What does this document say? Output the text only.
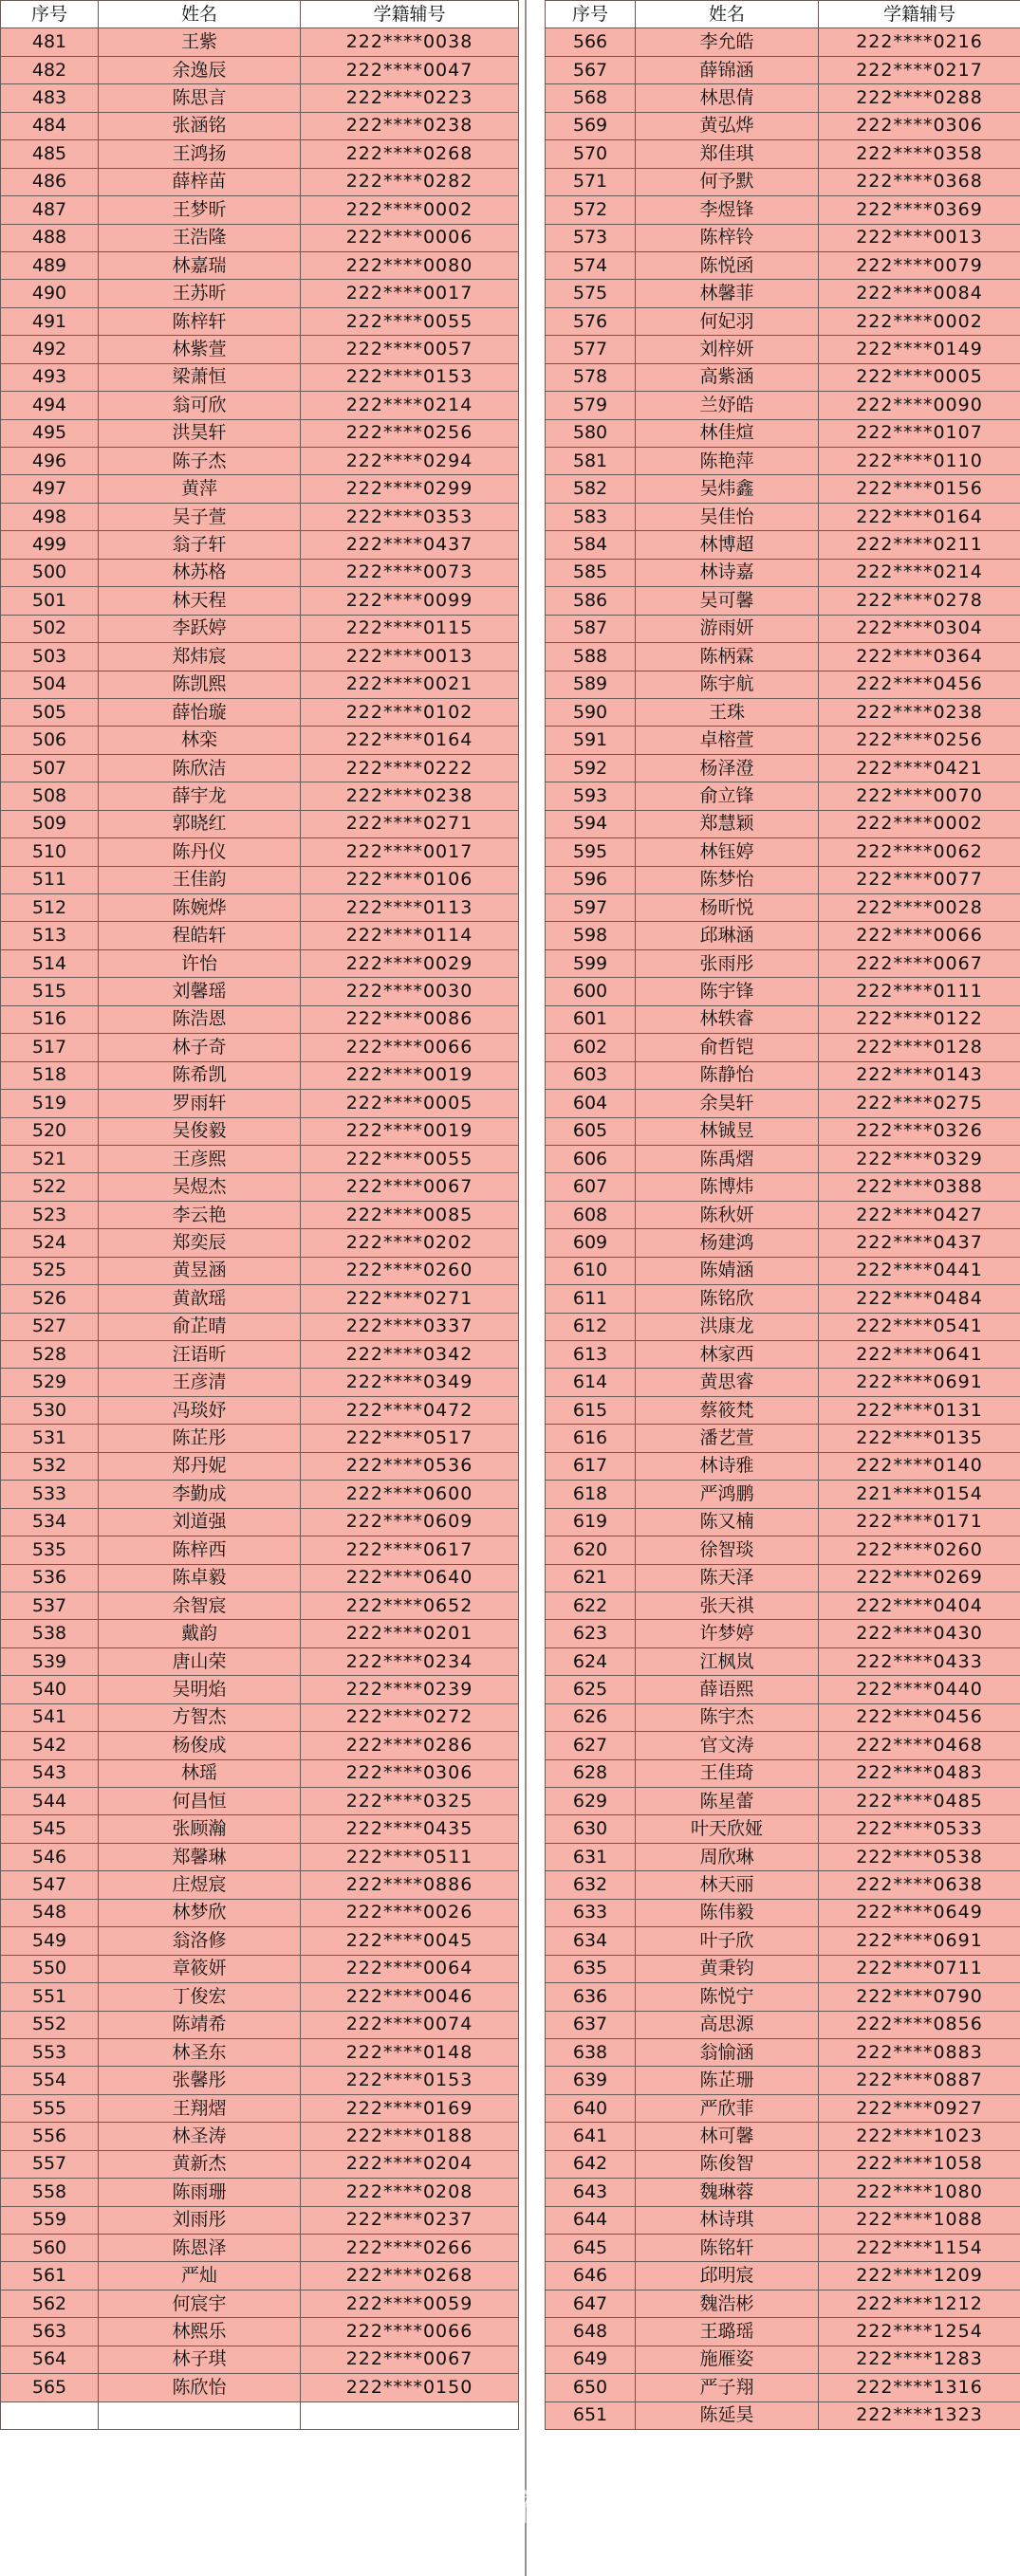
序号	姓名	学籍辅号
481	王紫	222****0038
482	余逸辰	222****0047
483	陈思言	222****0223
484	张涵铭	222****0238
485	王鸿扬	222****0268
486	薛梓苗	222****0282
487	王梦昕	222****0002
488	王浩隆	222****0006
489	林嘉瑞	222****0080
490	王苏昕	222****0017
491	陈梓轩	222****0055
492	林紫萱	222****0057
493	梁萧恒	222****0153
494	翁可欣	222****0214
495	洪昊轩	222****0256
496	陈子杰	222****0294
497	黄萍	222****0299
498	吴子萱	222****0353
499	翁子轩	222****0437
500	林苏格	222****0073
501	林天程	222****0099
502	李跃婷	222****0115
503	郑炜宸	222****0013
504	陈凯熙	222****0021
505	薛怡璇	222****0102
506	林栾	222****0164
507	陈欣洁	222****0222
508	薛宇龙	222****0238
509	郭晓红	222****0271
510	陈丹仪	222****0017
511	王佳韵	222****0106
512	陈婉烨	222****0113
513	程皓轩	222****0114
514	许怡	222****0029
515	刘馨瑶	222****0030
516	陈浩恩	222****0086
517	林子奇	222****0066
518	陈希凯	222****0019
519	罗雨轩	222****0005
520	吴俊毅	222****0019
521	王彦熙	222****0055
522	吴煜杰	222****0067
523	李云艳	222****0085
524	郑奕辰	222****0202
525	黄昱涵	222****0260
526	黄歆瑶	222****0271
527	俞芷晴	222****0337
528	汪语昕	222****0342
529	王彦清	222****0349
530	冯琰妤	222****0472
531	陈芷彤	222****0517
532	郑丹妮	222****0536
533	李勤成	222****0600
534	刘道强	222****0609
535	陈梓西	222****0617
536	陈卓毅	222****0640
537	余智宸	222****0652
538	戴韵	222****0201
539	唐山荣	222****0234
540	吴明焰	222****0239
541	方智杰	222****0272
542	杨俊成	222****0286
543	林瑶	222****0306
544	何昌恒	222****0325
545	张顾瀚	222****0435
546	郑馨琳	222****0511
547	庄煜宸	222****0886
548	林梦欣	222****0026
549	翁洛修	222****0045
550	章筱妍	222****0064
551	丁俊宏	222****0046
552	陈靖希	222****0074
553	林圣东	222****0148
554	张馨彤	222****0153
555	王翔熠	222****0169
556	林圣涛	222****0188
557	黄新杰	222****0204
558	陈雨珊	222****0208
559	刘雨彤	222****0237
560	陈恩泽	222****0266
561	严灿	222****0268
562	何宸宇	222****0059
563	林熙乐	222****0066
564	林子琪	222****0067
565	陈欣怡	222****0150

序号	姓名	学籍辅号
566	李允皓	222****0216
567	薛锦涵	222****0217
568	林思倩	222****0288
569	黄弘烨	222****0306
570	郑佳琪	222****0358
571	何予默	222****0368
572	李煜锋	222****0369
573	陈梓铃	222****0013
574	陈悦函	222****0079
575	林馨菲	222****0084
576	何妃羽	222****0002
577	刘梓妍	222****0149
578	高紫涵	222****0005
579	兰妤皓	222****0090
580	林佳煊	222****0107
581	陈艳萍	222****0110
582	吴炜鑫	222****0156
583	吴佳怡	222****0164
584	林博超	222****0211
585	林诗嘉	222****0214
586	吴可馨	222****0278
587	游雨妍	222****0304
588	陈柄霖	222****0364
589	陈宇航	222****0456
590	王珠	222****0238
591	卓榕萱	222****0256
592	杨泽澄	222****0421
593	俞立锋	222****0070
594	郑慧颖	222****0002
595	林钰婷	222****0062
596	陈梦怡	222****0077
597	杨昕悦	222****0028
598	邱琳涵	222****0066
599	张雨彤	222****0067
600	陈宇锋	222****0111
601	林轶睿	222****0122
602	俞哲铠	222****0128
603	陈静怡	222****0143
604	余昊轩	222****0275
605	林铖昱	222****0326
606	陈禹熠	222****0329
607	陈博炜	222****0388
608	陈秋妍	222****0427
609	杨建鸿	222****0437
610	陈婧涵	222****0441
611	陈铭欣	222****0484
612	洪康龙	222****0541
613	林家西	222****0641
614	黄思睿	222****0691
615	蔡筱梵	222****0131
616	潘艺萱	222****0135
617	林诗雅	222****0140
618	严鸿鹏	221****0154
619	陈又楠	222****0171
620	徐智琰	222****0260
621	陈天泽	222****0269
622	张天祺	222****0404
623	许梦婷	222****0430
624	江枫岚	222****0433
625	薛语熙	222****0440
626	陈宇杰	222****0456
627	官文涛	222****0468
628	王佳琦	222****0483
629	陈星蕾	222****0485
630	叶天欣娅	222****0533
631	周欣琳	222****0538
632	林天丽	222****0638
633	陈伟毅	222****0649
634	叶子欣	222****0691
635	黄秉钧	222****0711
636	陈悦宁	222****0790
637	高思源	222****0856
638	翁愉涵	222****0883
639	陈芷珊	222****0887
640	严欣菲	222****0927
641	林可馨	222****1023
642	陈俊智	222****1058
643	魏琳蓉	222****1080
644	林诗琪	222****1088
645	陈铭轩	222****1154
646	邱明宸	222****1209
647	魏浩彬	222****1212
648	王璐瑶	222****1254
649	施雁姿	222****1283
650	严子翔	222****1316
651	陈延昊	222****1323
智福清
